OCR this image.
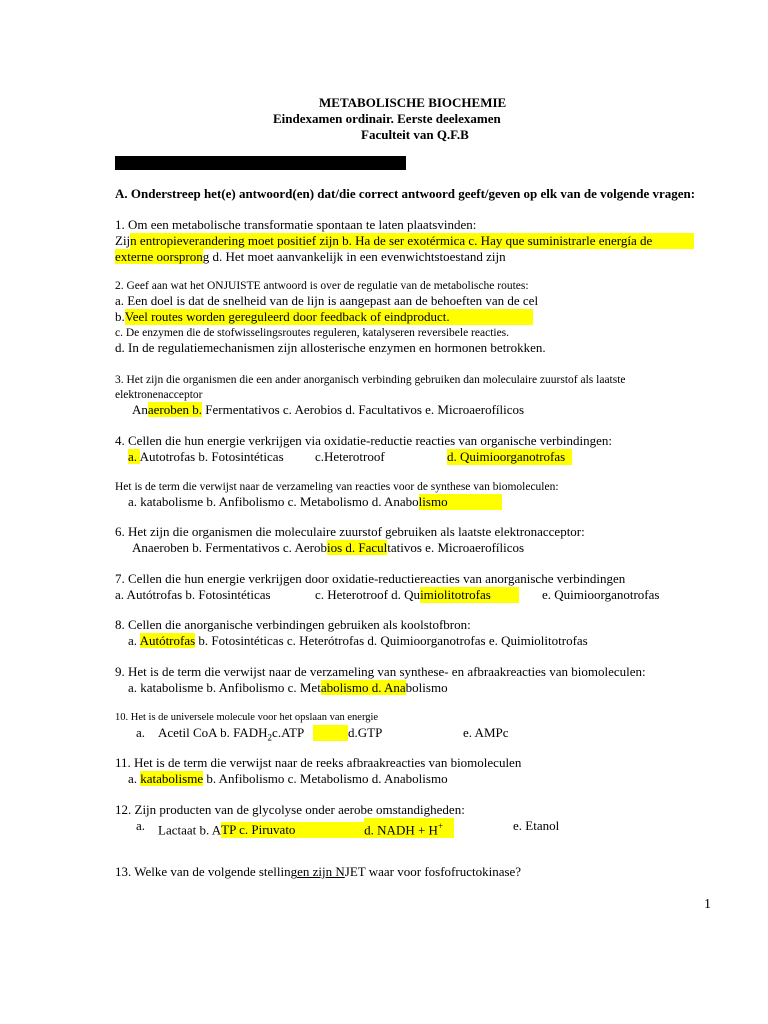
METABOLISCHE BIOCHEMIE
Eindexamen ordinair. Eerste deelexamen
Faculteit van Q.F.B
A. Onderstreep het(e) antwoord(en) dat/die correct antwoord geeft/geven op elk van de volgende vragen:
1. Om een metabolische transformatie spontaan te laten plaatsvinden:
Zijn entropieverandering moet positief zijn b. Ha de ser exotérmica c. Hay que suministrarle energía de
externe oorsprong d. Het moet aanvankelijk in een evenwichtstoestand zijn
2. Geef aan wat het ONJUISTE antwoord is over de regulatie van de metabolische routes:
a. Een doel is dat de snelheid van de lijn is aangepast aan de behoeften van de cel
b.Veel routes worden gereguleerd door feedback of eindproduct.
c. De enzymen die de stofwisselingsroutes reguleren, katalyseren reversibele reacties.
d. In de regulatiemechanismen zijn allosterische enzymen en hormonen betrokken.
3. Het zijn die organismen die een ander anorganisch verbinding gebruiken dan moleculaire zuurstof als laatste
elektronenacceptor
Anaeroben b. Fermentativos c. Aerobios d. Facultativos e. Microaerofílicos
4. Cellen die hun energie verkrijgen via oxidatie-reductie reacties van organische verbindingen:
a. Autotrofas b. Fotosintéticas c.Heterotroof	d. Quimioorganotrofas
Het is de term die verwijst naar de verzameling van reacties voor de synthese van biomoleculen:
a. katabolisme b. Anfibolismo c. Metabolismo d. Anabolismo
6. Het zijn die organismen die moleculaire zuurstof gebruiken als laatste elektronacceptor:
Anaeroben b. Fermentativos c. Aerobios d. Facultativos e. Microaerofílicos
7. Cellen die hun energie verkrijgen door oxidatie-reductiereacties van anorganische verbindingen
a. Autótrofas b. Fotosintéticas	c. Heterotroof d. Quimiolitotrofas	e. Quimioorganotrofas
8. Cellen die anorganische verbindingen gebruiken als koolstofbron:
a. Autótrofas b. Fotosintéticas c. Heterótrofas d. Quimioorganotrofas e. Quimiolitotrofas
9. Het is de term die verwijst naar de verzameling van synthese- en afbraakreacties van biomoleculen:
a. katabolisme b. Anfibolismo c. Metabolismo d. Anabolismo
10. Het is de universele molecule voor het opslaan van energie
a. Acetil CoA b. $FADH_2c.ATP$	d.GTP	e. AMPc
11. Het is de term die verwijst naar de reeks afbraakreacties van biomoleculen
a. katabolisme b. Anfibolismo c. Metabolismo d. Anabolismo
12. Zijn producten van de glycolyse onder aerobe omstandigheden:
a. Lactaat b. ATP c. Piruvato	d. NADH + H+	e. Etanol
13. Welke van de volgende stellingen zijn NJET waar voor fosfofructokinase?
1
